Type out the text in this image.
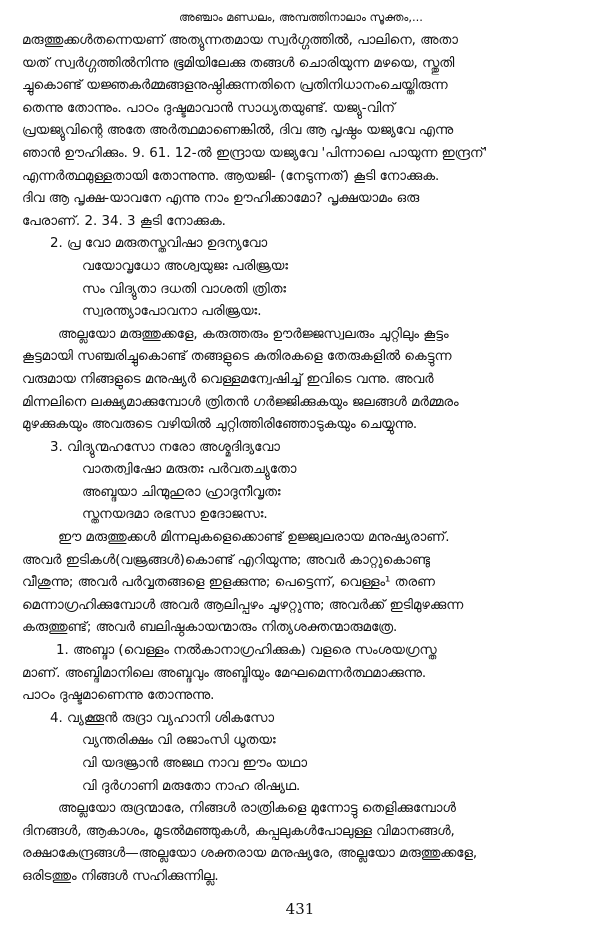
അഞ്ചാം മണ്ഡലം, അമ്പത്തിനാലാം സൂക്തം,...
മരുത്തുക്കൾതന്നെയണ് അത്യുന്നതമായ സ്വർഗ്ഗത്തിൽ, പാലിനെ, അതാ
യത് സ്വർഗ്ഗത്തിൽനിന്നു ഭൂമിയിലേക്കു തങ്ങൾ ചൊരിയുന്ന മഴയെ, സ്തുതി
ച്ചുകൊണ്ട് യജ്ഞകർമ്മങ്ങളനുഷ്ഠിക്കുന്നതിനെ പ്രതിനിധാനംചെയ്തിരുന്ന
തെന്നു തോന്നും. പാഠം ദുഷ്ടമാവാൻ സാധ്യതയുണ്ട്. യജ്യു-വിന്
പ്രയജ്യുവിന്റെ അതേ അർത്ഥമാണെങ്കിൽ, ദിവ ആ പൃഷ്ഠം യജ്യവേ എന്നു
ഞാൻ ഊഹിക്കും. 9. 61. 12-ൽ ഇന്ദ്രായ യജ്യവേ 'പിന്നാലെ പായുന്ന ഇന്ദ്രന്'
എന്നർത്ഥമുള്ളതായി തോന്നുന്നു. ആയജി- (നേടുന്നത്) കൂടി നോക്കുക.
ദിവ ആ പൃക്ഷ-യാവനേ എന്നു നാം ഊഹിക്കാമോ? പൃക്ഷയാമം ഒരു
പേരാണ്. 2. 34. 3 കൂടി നോക്കുക.
2. പ്ര വോ മരുതസ്തവിഷാ ഉദന്യവോ
വയോവൃധോ അശ്വയുജഃ പരിജ്രയഃ
സം വിദ്യുതാ ദധതി വാശതി ത്രിതഃ
സ്വരന്ത്യാപോവനാ പരിജ്രയഃ.
അല്ലയോ മരുത്തുക്കളേ, കരുത്തരും ഊർജ്ജസ്വലരും ചുറ്റിലും കൂട്ടം
കൂട്ടമായി സഞ്ചരിച്ചുകൊണ്ട് തങ്ങളുടെ കുതിരകളെ തേരുകളിൽ കെട്ടുന്ന
വരുമായ നിങ്ങളുടെ മനുഷ്യർ വെള്ളമന്വേഷിച്ച് ഇവിടെ വന്നു. അവർ
മിന്നലിനെ ലക്ഷ്യമാക്കുമ്പോൾ ത്രിതൻ ഗർജ്ജിക്കുകയും ജലങ്ങൾ മർമ്മരം
മുഴക്കുകയും അവരുടെ വഴിയിൽ ചുറ്റിത്തിരിഞ്ഞോടുകയും ചെയ്യുന്നു.
3. വിദ്യുന്മഹസോ നരോ അശ്മദിദ്യവോ
വാതത്വിഷോ മരുതഃ പർവതച്യുതോ
അബ്ദയാ ചിന്മുഹുരാ ഹ്രാദുനീവൃതഃ
സ്തനയദമാ രഭസാ ഉദോജസഃ.
ഈ മരുത്തുക്കൾ മിന്നലുകളെക്കൊണ്ട് ഉജ്ജ്വലരായ മനുഷ്യരാണ്.
അവർ ഇടികൾ(വജ്രങ്ങൾ)കൊണ്ട് എറിയുന്നു; അവർ കാറ്റുകൊണ്ടു
വീശുന്നു; അവർ പർവ്വതങ്ങളെ ഇളക്കുന്നു; പെട്ടെന്ന്, വെള്ളം¹ തരണ
മെന്നാഗ്രഹിക്കുമ്പോൾ അവർ ആലിപ്പഴം ചൂഴറ്റുന്നു; അവർക്ക് ഇടിമുഴക്കുന്ന
കരുത്തുണ്ട്; അവർ ബലിഷ്ഠകായന്മാരും നിത്യശക്തന്മാരുമത്രേ.
1. അബ്ദാ (വെള്ളം നൽകാനാഗ്രഹിക്കുക) വളരെ സംശയഗ്രസ്ത
മാണ്. അബ്ദിമാനിലെ അബ്ദവും അബ്ദിയും മേഘമെന്നർത്ഥമാക്കുന്നു.
പാഠം ദുഷ്ടമാണെന്നു തോന്നുന്നു.
4. വ്യക്തൂൻ രുദ്രാ വ്യഹാനി ശികസോ
വ്യന്തരിക്ഷം വി രജാംസി ധൂതയഃ
വി യദജ്രാൻ അജഥ നാവ ഈം യഥാ
വി ദുർഗാണി മരുതോ നാഹ രിഷ്യഥ.
അല്ലയോ രുദ്രന്മാരേ, നിങ്ങൾ രാത്രികളെ മുന്നോട്ടു തെളിക്കുമ്പോൾ
ദിനങ്ങൾ, ആകാശം, മൂടൽമഞ്ഞുകൾ, കപ്പലുകൾപോലുള്ള വിമാനങ്ങൾ,
രക്ഷാകേന്ദ്രങ്ങൾ—അല്ലയോ ശക്തരായ മനുഷ്യരേ, അല്ലയോ മരുത്തുക്കളേ,
ഒരിടത്തും നിങ്ങൾ സഹിക്കുന്നില്ല.
431
